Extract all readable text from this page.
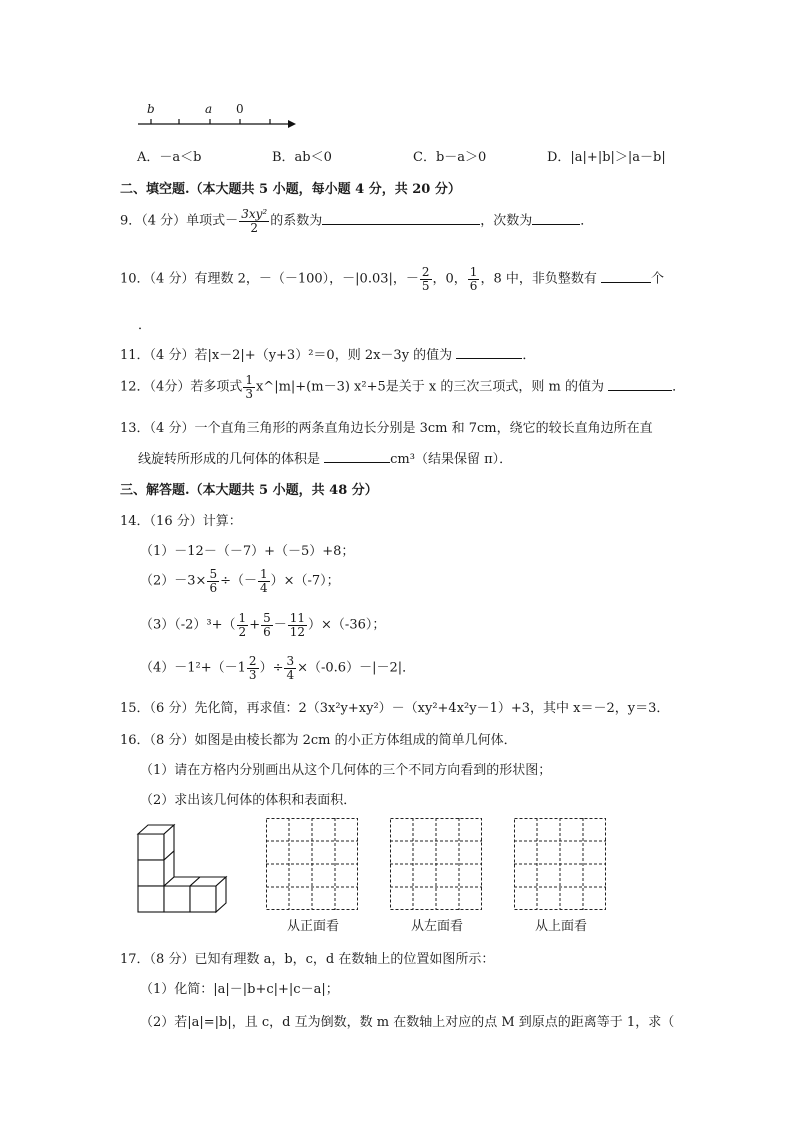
b	a 0
A．－a＜b	B．ab＜0	C．b－a＞0	D．|a|+|b|＞|a－b|
二、填空题.（本大题共 5 小题，每小题 4 分，共 20 分）
9．（4 分）单项式－ $\frac{\text{3xy²}}{2}$ 的系数为	，次数为	．
10．（4 分）有理数 2，－（－100），－|0.03|，－ $\frac{2}{5}$ ，0， $\frac{1}{6}$ ，8 中，非负整数有	个
．
11．（4 分）若|x－2|+（y+3）²＝0，则 2x－3y 的值为	．
12．（4分）若多项式 $\frac{1}{3}$ x^|m|+(m－3) x²+5是关于 x 的三次三项式，则 m 的值为	．
13．（4 分）一个直角三角形的两条直角边长分别是 3cm 和 7cm，绕它的较长直角边所在直
线旋转所形成的几何体的体积是	cm³（结果保留 π）．
三、解答题.（本大题共 5 小题，共 48 分）
14．（16 分）计算：
（1）－12－（－7）+（－5）+8；
$(2)-3\times \frac{5}{6}$ ÷（－ $\frac{1}{4} )\times(-7)$；
$(3)(-2)^3+( \frac{1}{2} + \frac{5}{6} - \frac{11}{12} )\times(-36)$；
$(4)-1^2+(-1 \frac{2}{3}$ ）÷ $\frac{3}{4} \times(-0.6)-|-2|$．
15．（6 分）先化简，再求值：2（3x²y+xy²）－（xy²+4x²y－1）+3，其中 x＝－2，y＝3．
16．（8 分）如图是由棱长都为 2cm 的小正方体组成的简单几何体．
（1）请在方格内分别画出从这个几何体的三个不同方向看到的形状图；
（2）求出该几何体的体积和表面积．
从正面看	从左面看	从上面看
17．（8 分）已知有理数 a，b，c，d 在数轴上的位置如图所示：
（1）化简：|a|－|b+c|+|c－a|；
（2）若|a|=|b|，且 c，d 互为倒数，数 m 在数轴上对应的点 M 到原点的距离等于 1，求（
